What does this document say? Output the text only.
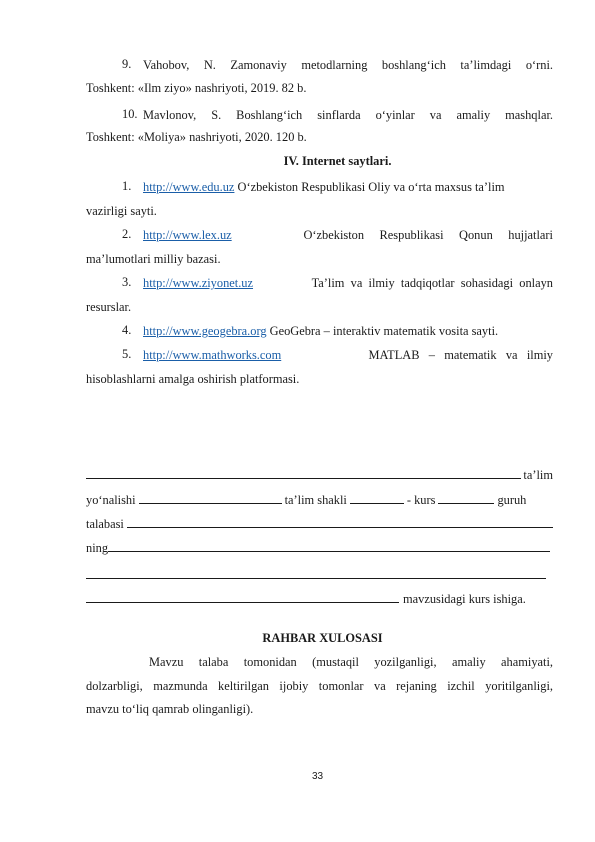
9. Vahobov,  N.  Zamonaviy  metodlarning  boshlang‘ich  ta’limdagi  o‘rni.
Toshkent: «Ilm ziyo» nashriyoti, 2019. 82 b.
10. Mavlonov,   S.   Boshlang‘ich   sinflarda   o‘yinlar   va   amaliy   mashqlar.
Toshkent: «Moliya» nashriyoti, 2020. 120 b.
IV. Internet saytlari.
1. http://www.edu.uz O‘zbekiston Respublikasi Oliy va o‘rta maxsus ta’lim
vazirligi sayti.
2. http://www.lex.uz	O‘zbekiston     Respublikasi     Qonun     hujjatlari
ma’lumotlari milliy bazasi.
3. http://www.ziyonet.uz	Ta’lim  va  ilmiy  tadqiqotlar  sohasidagi  onlayn
resurslar.
4. http://www.geogebra.org GeoGebra – interaktiv matematik vosita sayti.
5. http://www.mathworks.com	MATLAB   –   matematik   va   ilmiy
hisoblashlarni amalga oshirish platformasi.
ta’lim
yo‘nalishi	ta’lim shakli	- kurs	guruh
talabasi
ning
mavzusidagi kurs ishiga.
RAHBAR XULOSASI
Mavzu  talaba  tomonidan  (mustaqil  yozilganligi,  amaliy  ahamiyati,
dolzarbligi, mazmunda keltirilgan ijobiy tomonlar va rejaning izchil yoritilganligi,
mavzu to‘liq qamrab olinganligi).
33
